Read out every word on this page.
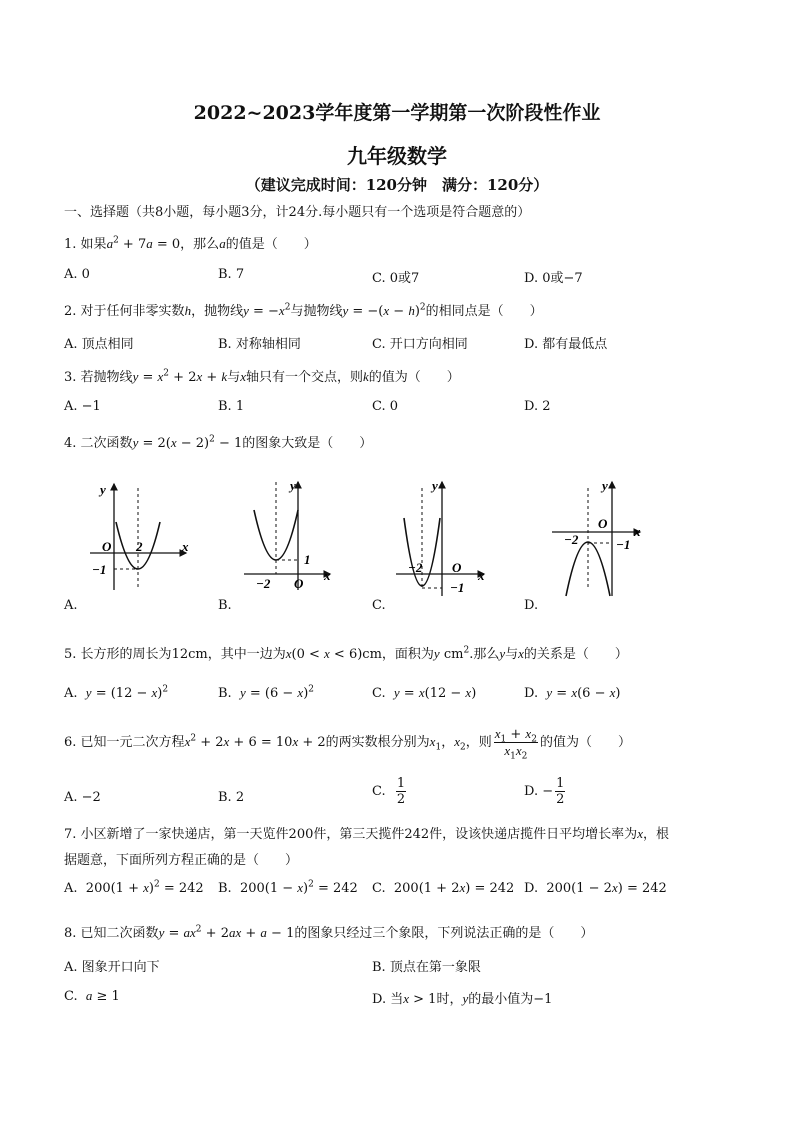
2022~2023学年度第一学期第一次阶段性作业
九年级数学
（建议完成时间：120分钟　满分：120分）
一、选择题（共8小题，每小题3分，计24分.每小题只有一个选项是符合题意的）
1. 如果$a^2 + 7a = 0$，那么a的值是（　　）
A. 0	B. 7	C. 0或7	D. 0或−7
2. 对于任何非零实数h，抛物线$y = -x^2$与抛物线$y = -(x - h)^2$的相同点是（　　）
A. 顶点相同	B. 对称轴相同	C. 开口方向相同	D. 都有最低点
3. 若抛物线$y = x^2 + 2x + k$与x轴只有一个交点，则k的值为（　　）
A. −1	B. 1	C. 0	D. 2
4. 二次函数$y = 2(x - 2)^2 - 1$的图象大致是（　　）
y
x
O 2
−1
A.
y
x
O
1
−2
B.
y
x
O
−2
−1
C.
y
x
O
−2	−1
D.
5. 长方形的周长为12cm，其中一边为x(0 < x < 6)cm，面积为y $cm^2$.那么y与x的关系是（　　）
A. $y = (12 - x)^2$	B. $y = (6 - x)^2$	C. y = x(12 − x)	D. y = x(6 − x)
6. 已知一元二次方程$x^2 + 2x + 6 = 10x + 2$的两实数根分别为$x_1$，$x_2$，则 $\frac{x_1 + x_2}{x_1x_2}$ 的值为（　　）
A. −2	B. 2	C. $\frac{1}{2}$	D. − $\frac{1}{2}$
7. 小区新增了一家快递店，第一天览件200件，第三天揽件242件，设该快递店揽件日平均增长率为x，根
据题意，下面所列方程正确的是（　　）
A.  $200(1 + x)^2 = 242$ B.  $200(1 - x)^2 = 242$ C.  200(1 + 2x) = 242 D.  200(1 − 2x) = 242
8. 已知二次函数$y = ax^2 + 2ax + a - 1$的图象只经过三个象限，下列说法正确的是（　　）
A. 图象开口向下	B. 顶点在第一象限
C. a ≥ 1	D. 当x > 1时，y的最小值为−1
